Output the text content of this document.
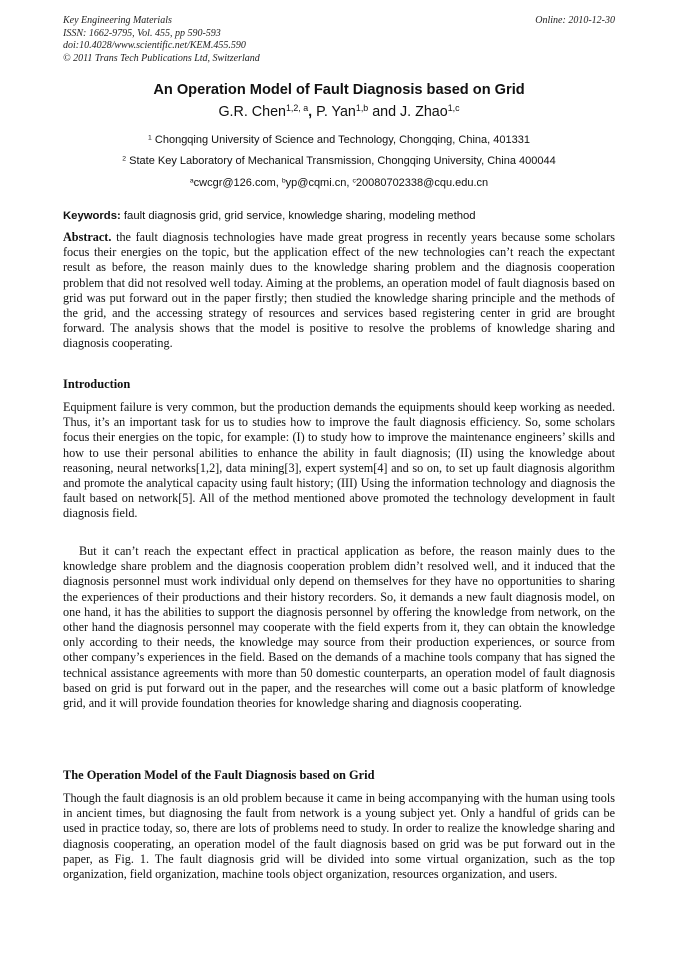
Key Engineering Materials
ISSN: 1662-9795, Vol. 455, pp 590-593
doi:10.4028/www.scientific.net/KEM.455.590
© 2011 Trans Tech Publications Ltd, Switzerland
Online: 2010-12-30
An Operation Model of Fault Diagnosis based on Grid
G.R. Chen$^{1,2, a}$, P. Yan$^{1,b}$ and J. Zhao$^{1,c}$
$^1$ Chongqing University of Science and Technology, Chongqing, China, 401331
$^2$ State Key Laboratory of Mechanical Transmission, Chongqing University, China 400044
$^a$cwcgr@126.com, $^b$yp@cqmi.cn, $^c$20080702338@cqu.edu.cn
Keywords: fault diagnosis grid, grid service, knowledge sharing, modeling method
Abstract. the fault diagnosis technologies have made great progress in recently years because some scholars focus their energies on the topic, but the application effect of the new technologies can’t reach the expectant result as before, the reason mainly dues to the knowledge sharing problem and the diagnosis cooperation problem that did not resolved well today. Aiming at the problems, an operation model of fault diagnosis based on grid was put forward out in the paper firstly; then studied the knowledge sharing principle and the methods of the grid, and the accessing strategy of resources and services based registering center in grid are brought forward. The analysis shows that the model is positive to resolve the problems of knowledge sharing and diagnosis cooperating.
Introduction
Equipment failure is very common, but the production demands the equipments should keep working as needed. Thus, it’s an important task for us to studies how to improve the fault diagnosis efficiency. So, some scholars focus their energies on the topic, for example: (I) to study how to improve the maintenance engineers’ skills and how to use their personal abilities to enhance the ability in fault diagnosis; (II) using the knowledge about reasoning, neural networks[1,2], data mining[3], expert system[4] and so on, to set up fault diagnosis algorithm and promote the analytical capacity using fault history; (III) Using the information technology and diagnosis the fault based on network[5]. All of the method mentioned above promoted the technology development in fault diagnosis field.
But it can’t reach the expectant effect in practical application as before, the reason mainly dues to the knowledge share problem and the diagnosis cooperation problem didn’t resolved well, and it induced that the diagnosis personnel must work individual only depend on themselves for they have no opportunities to sharing the experiences of their productions and their history recorders. So, it demands a new fault diagnosis model, on one hand, it has the abilities to support the diagnosis personnel by offering the knowledge from network, on the other hand the diagnosis personnel may cooperate with the field experts from it, they can obtain the knowledge only according to their needs, the knowledge may source from their production experiences, or source from other company’s experiences in the field. Based on the demands of a machine tools company that has signed the technical assistance agreements with more than 50 domestic counterparts, an operation model of fault diagnosis based on grid is put forward out in the paper, and the researches will come out a basic platform of knowledge grid, and it will provide foundation theories for knowledge sharing and diagnosis cooperating.
The Operation Model of the Fault Diagnosis based on Grid
Though the fault diagnosis is an old problem because it came in being accompanying with the human using tools in ancient times, but diagnosing the fault from network is a young subject yet. Only a handful of grids can be used in practice today, so, there are lots of problems need to study. In order to realize the knowledge sharing and diagnosis cooperating, an operation model of the fault diagnosis based on grid was be put forward out in the paper, as Fig. 1. The fault diagnosis grid will be divided into some virtual organization, such as the top organization, field organization, machine tools object organization, resources organization, and users.
